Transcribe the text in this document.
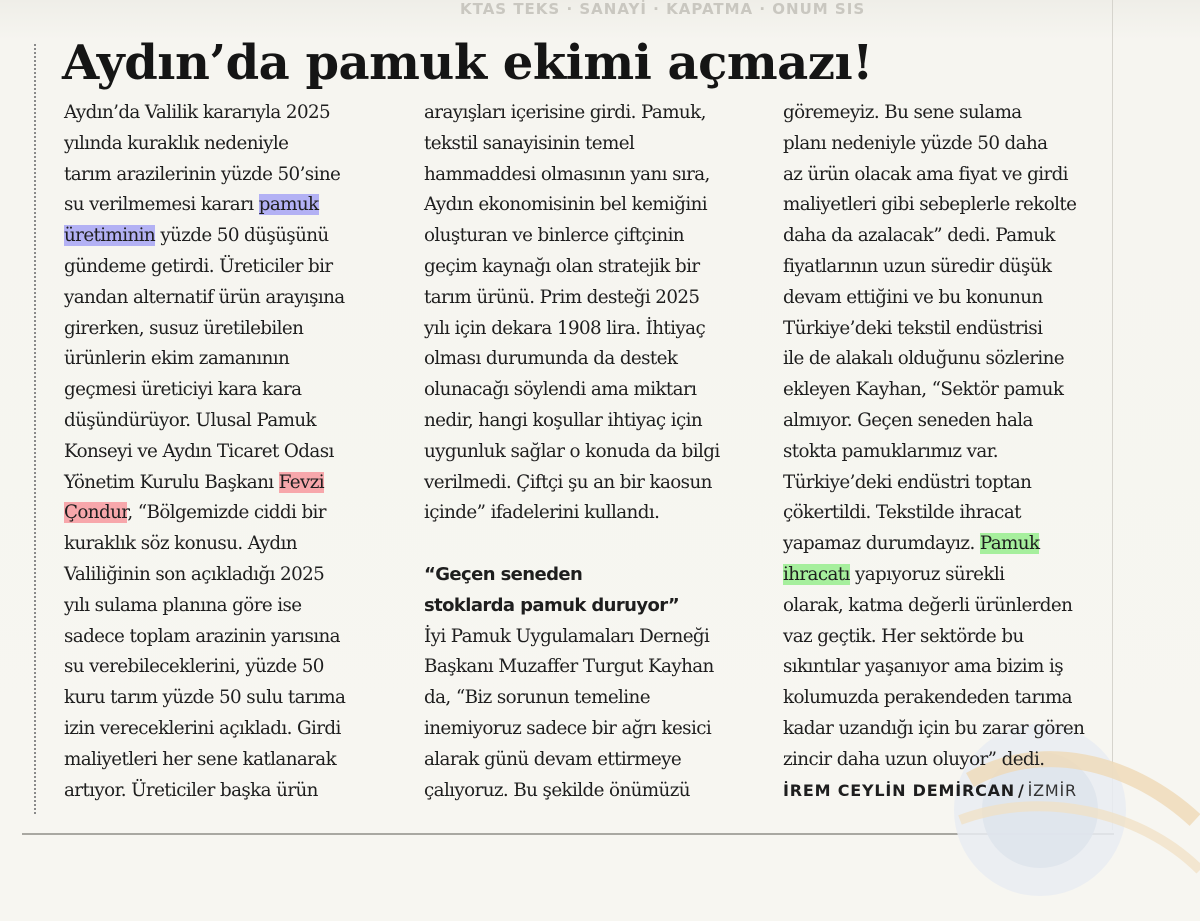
KTAS TEKS · SANAYİ · KAPATMA · ONUM SIS
Aydın’da pamuk ekimi açmazı!
Aydın’da Valilik kararıyla 2025
yılında kuraklık nedeniyle
tarım arazilerinin yüzde 50’sine
su verilmemesi kararı pamuk
üretiminin yüzde 50 düşüşünü
gündeme getirdi. Üreticiler bir
yandan alternatif ürün arayışına
girerken, susuz üretilebilen
ürünlerin ekim zamanının
geçmesi üreticiyi kara kara
düşündürüyor. Ulusal Pamuk
Konseyi ve Aydın Ticaret Odası
Yönetim Kurulu Başkanı Fevzi
Çondur, “Bölgemizde ciddi bir
kuraklık söz konusu. Aydın
Valiliğinin son açıkladığı 2025
yılı sulama planına göre ise
sadece toplam arazinin yarısına
su verebileceklerini, yüzde 50
kuru tarım yüzde 50 sulu tarıma
izin vereceklerini açıkladı. Girdi
maliyetleri her sene katlanarak
artıyor. Üreticiler başka ürün
arayışları içerisine girdi. Pamuk,
tekstil sanayisinin temel
hammaddesi olmasının yanı sıra,
Aydın ekonomisinin bel kemiğini
oluşturan ve binlerce çiftçinin
geçim kaynağı olan stratejik bir
tarım ürünü. Prim desteği 2025
yılı için dekara 1908 lira. İhtiyaç
olması durumunda da destek
olunacağı söylendi ama miktarı
nedir, hangi koşullar ihtiyaç için
uygunluk sağlar o konuda da bilgi
verilmedi. Çiftçi şu an bir kaosun
içinde” ifadelerini kullandı.
“Geçen seneden
stoklarda pamuk duruyor”
İyi Pamuk Uygulamaları Derneği
Başkanı Muzaffer Turgut Kayhan
da, “Biz sorunun temeline
inemiyoruz sadece bir ağrı kesici
alarak günü devam ettirmeye
çalıyoruz. Bu şekilde önümüzü
göremeyiz. Bu sene sulama
planı nedeniyle yüzde 50 daha
az ürün olacak ama fiyat ve girdi
maliyetleri gibi sebeplerle rekolte
daha da azalacak” dedi. Pamuk
fiyatlarının uzun süredir düşük
devam ettiğini ve bu konunun
Türkiye’deki tekstil endüstrisi
ile de alakalı olduğunu sözlerine
ekleyen Kayhan, “Sektör pamuk
almıyor. Geçen seneden hala
stokta pamuklarımız var.
Türkiye’deki endüstri toptan
çökertildi. Tekstilde ihracat
yapamaz durumdayız. Pamuk
ihracatı yapıyoruz sürekli
olarak, katma değerli ürünlerden
vaz geçtik. Her sektörde bu
sıkıntılar yaşanıyor ama bizim iş
kolumuzda perakendeden tarıma
kadar uzandığı için bu zarar gören
zincir daha uzun oluyor” dedi.
İREM CEYLİN DEMİRCAN / İZMİR
